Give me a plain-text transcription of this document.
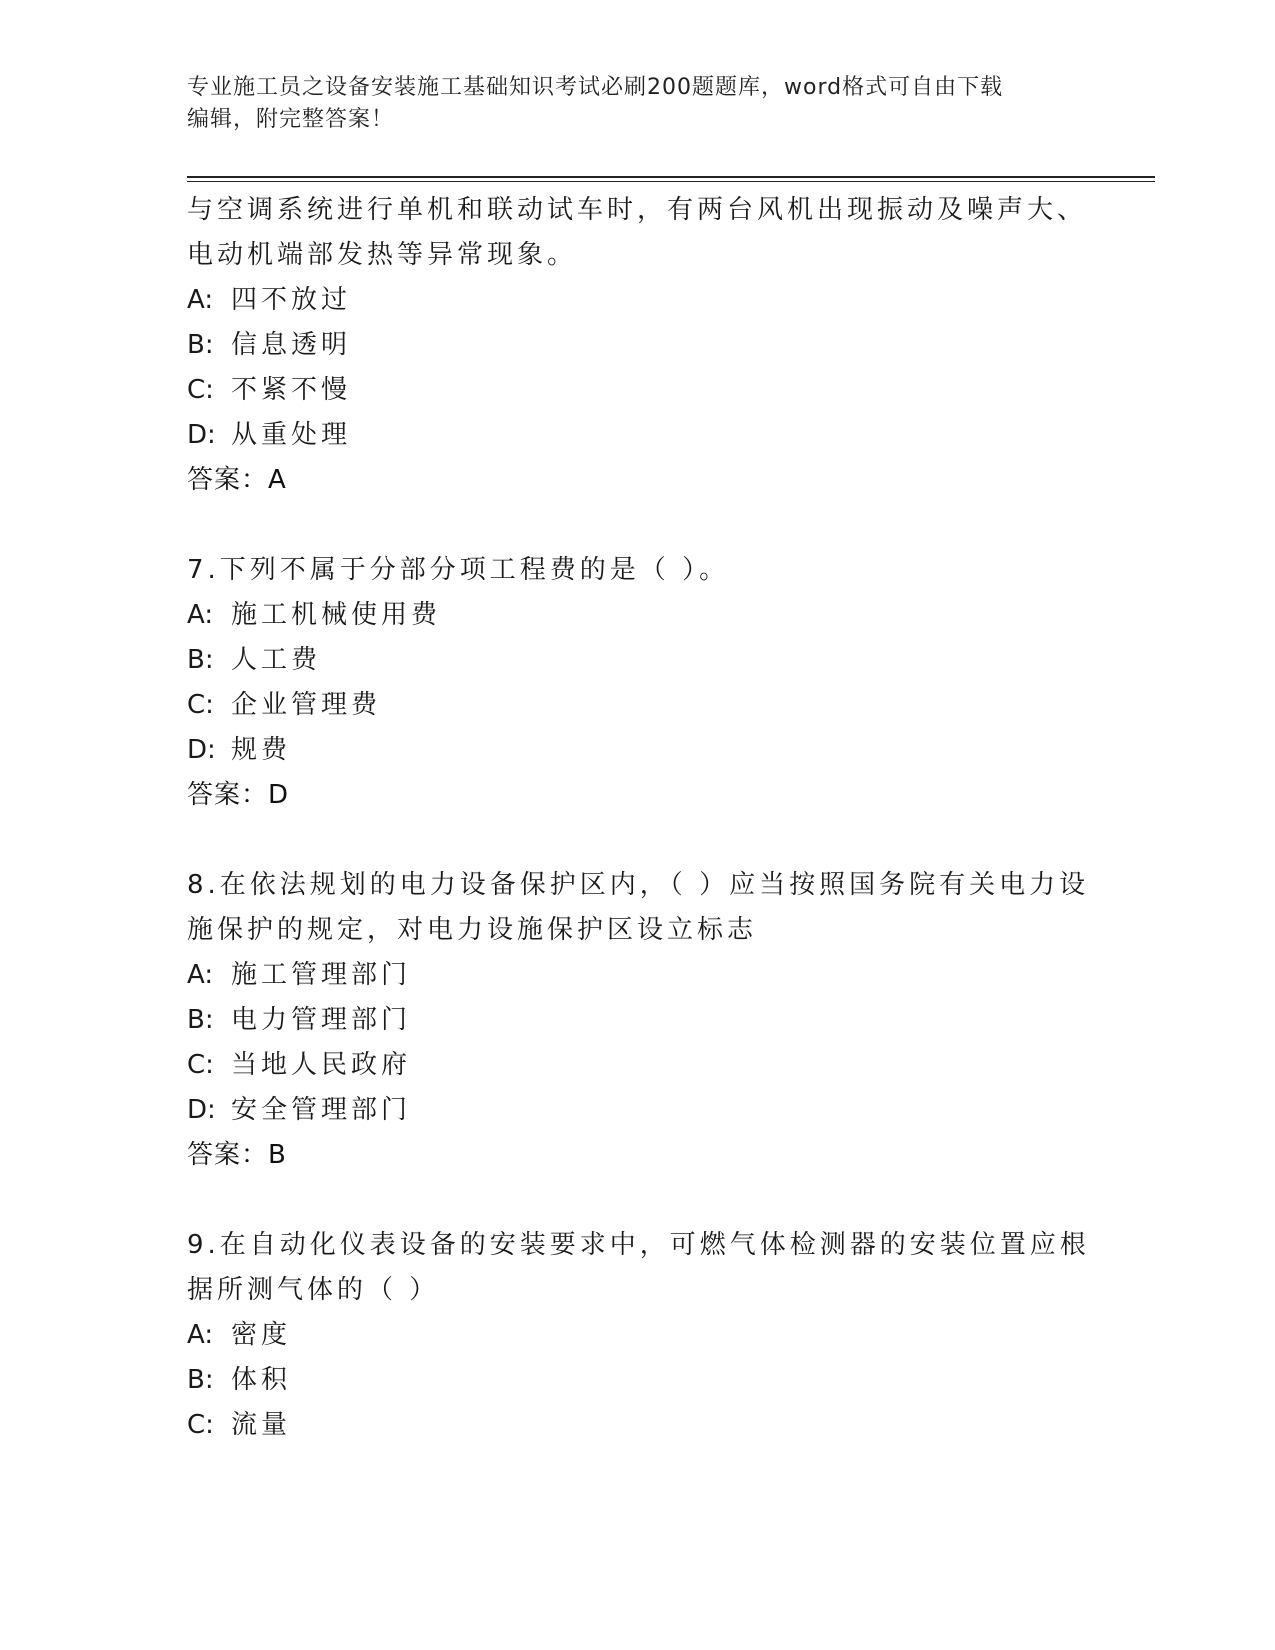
专业施工员之设备安装施工基础知识考试必刷200题题库，word格式可自由下载
编辑，附完整答案！
与空调系统进行单机和联动试车时，有两台风机出现振动及噪声大、
电动机端部发热等异常现象。
A: 四不放过
B: 信息透明
C: 不紧不慢
D: 从重处理
答案：A
7.下列不属于分部分项工程费的是（ ）。
A: 施工机械使用费
B: 人工费
C: 企业管理费
D: 规费
答案：D
8.在依法规划的电力设备保护区内，（ ）应当按照国务院有关电力设
施保护的规定，对电力设施保护区设立标志
A: 施工管理部门
B: 电力管理部门
C: 当地人民政府
D: 安全管理部门
答案：B
9.在自动化仪表设备的安装要求中，可燃气体检测器的安装位置应根
据所测气体的（ ）
A: 密度
B: 体积
C: 流量
